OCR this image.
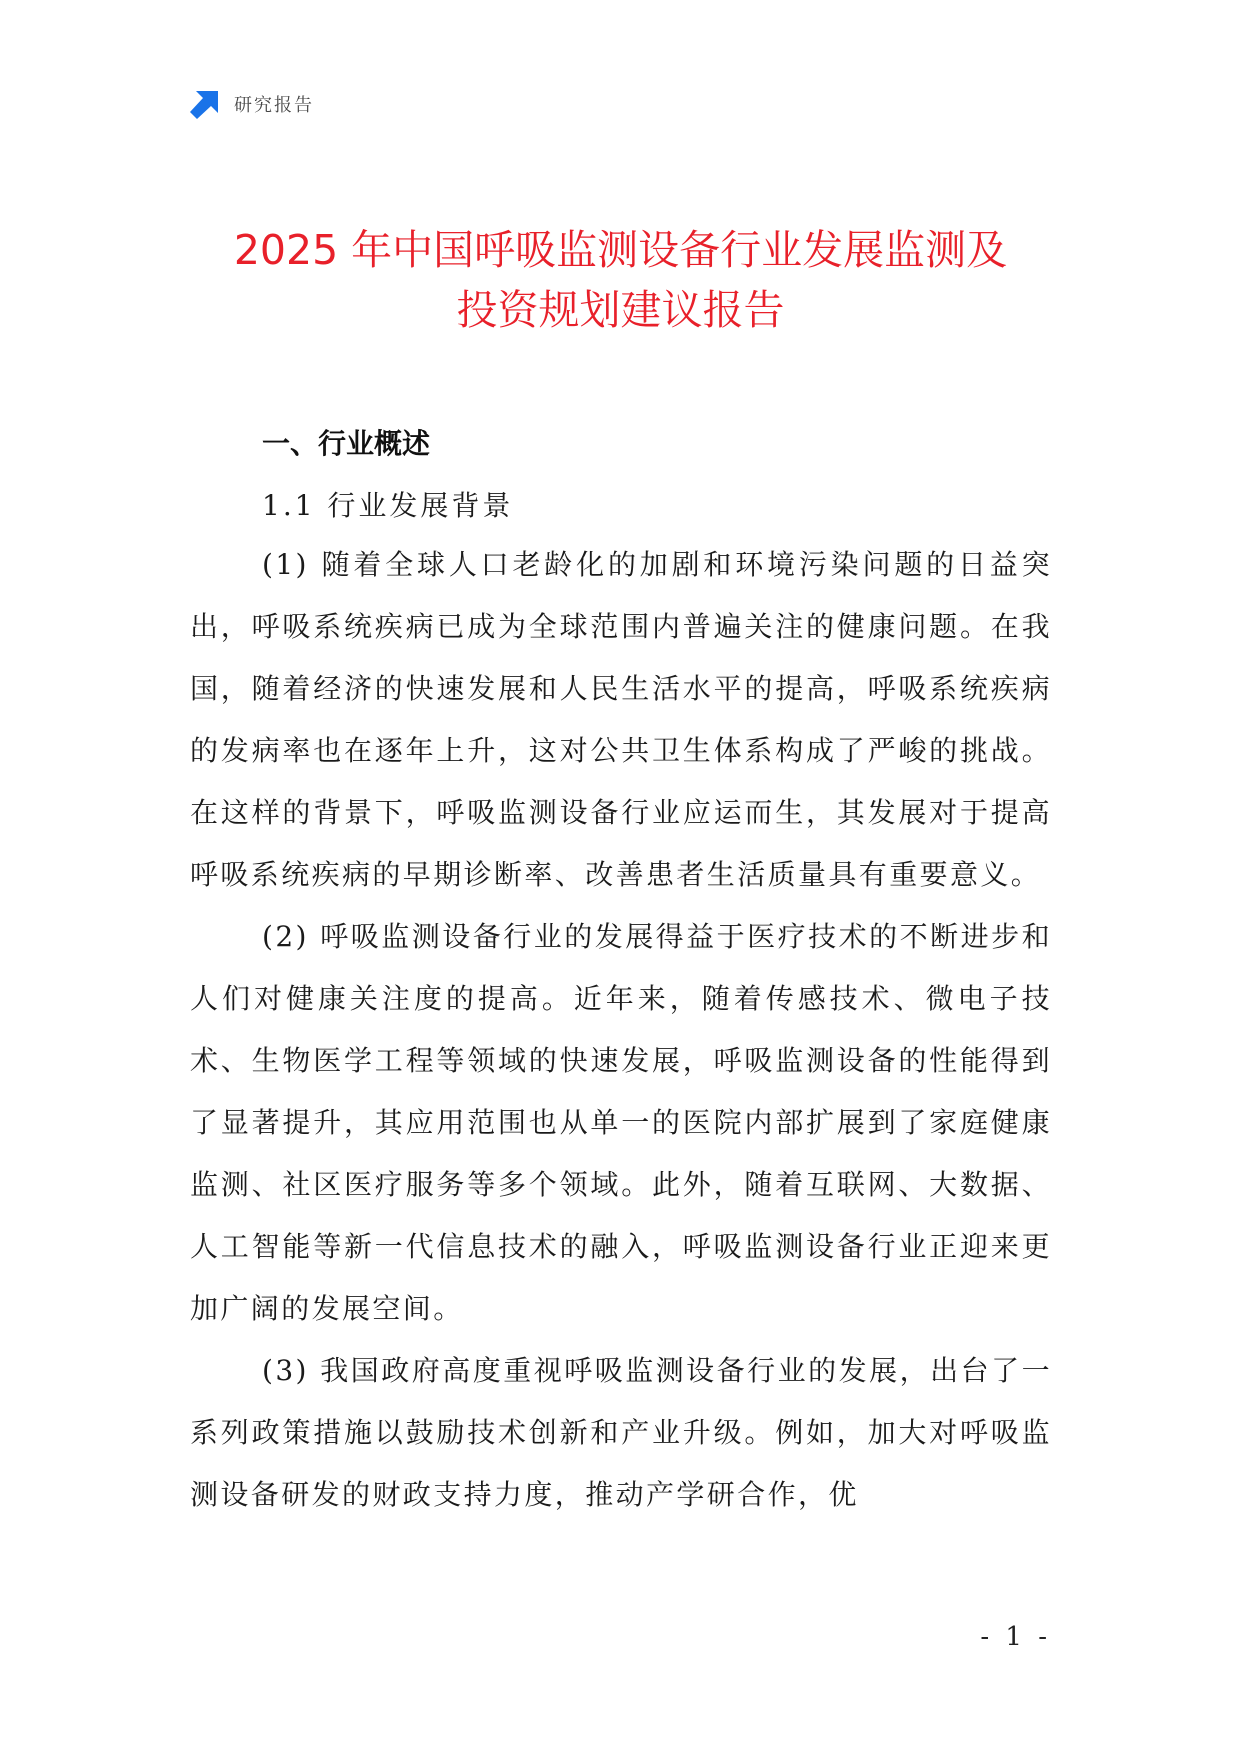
研究报告
2025 年中国呼吸监测设备行业发展监测及
投资规划建议报告
一、行业概述
1.1 行业发展背景

(1) 随着全球人口老龄化的加剧和环境污染问题的日益突出，呼吸系统疾病已成为全球范围内普遍关注的健康问题。在我国，随着经济的快速发展和人民生活水平的提高，呼吸系统疾病的发病率也在逐年上升，这对公共卫生体系构成了严峻的挑战。在这样的背景下，呼吸监测设备行业应运而生，其发展对于提高呼吸系统疾病的早期诊断率、改善患者生活质量具有重要意义。

(2) 呼吸监测设备行业的发展得益于医疗技术的不断进步和人们对健康关注度的提高。近年来，随着传感技术、微电子技术、生物医学工程等领域的快速发展，呼吸监测设备的性能得到了显著提升，其应用范围也从单一的医院内部扩展到了家庭健康监测、社区医疗服务等多个领域。此外，随着互联网、大数据、人工智能等新一代信息技术的融入，呼吸监测设备行业正迎来更加广阔的发展空间。

(3) 我国政府高度重视呼吸监测设备行业的发展，出台了一系列政策措施以鼓励技术创新和产业升级。例如，加大对呼吸监测设备研发的财政支持力度，推动产学研合作，优

- 1 -
